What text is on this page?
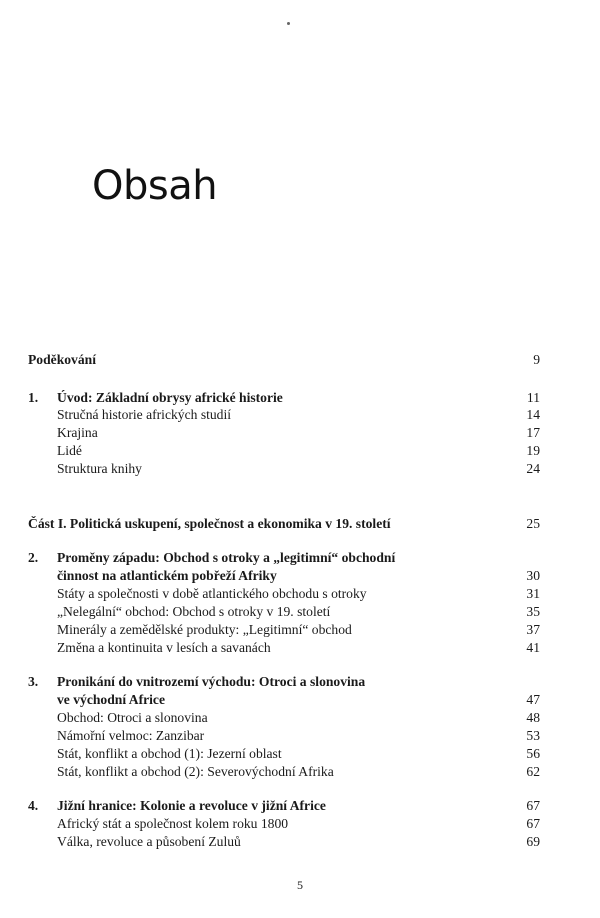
Obsah
Poděkování	9
1. Úvod: Základní obrysy africké historie	11
Stručná historie afrických studií	14
Krajina	17
Lidé	19
Struktura knihy	24
Část I. Politická uskupení, společnost a ekonomika v 19. století	25
2. Proměny západu: Obchod s otroky a „legitimní“ obchodní
činnost na atlantickém pobřeží Afriky	30
Státy a společnosti v době atlantického obchodu s otroky	31
„Nelegální“ obchod: Obchod s otroky v 19. století	35
Minerály a zemědělské produkty: „Legitimní“ obchod	37
Změna a kontinuita v lesích a savanách	41
3. Pronikání do vnitrozemí východu: Otroci a slonovina
ve východní Africe	47
Obchod: Otroci a slonovina	48
Námořní velmoc: Zanzibar	53
Stát, konflikt a obchod (1): Jezerní oblast	56
Stát, konflikt a obchod (2): Severovýchodní Afrika	62
4. Jižní hranice: Kolonie a revoluce v jižní Africe	67
Africký stát a společnost kolem roku 1800	67
Válka, revoluce a působení Zuluů	69
5
